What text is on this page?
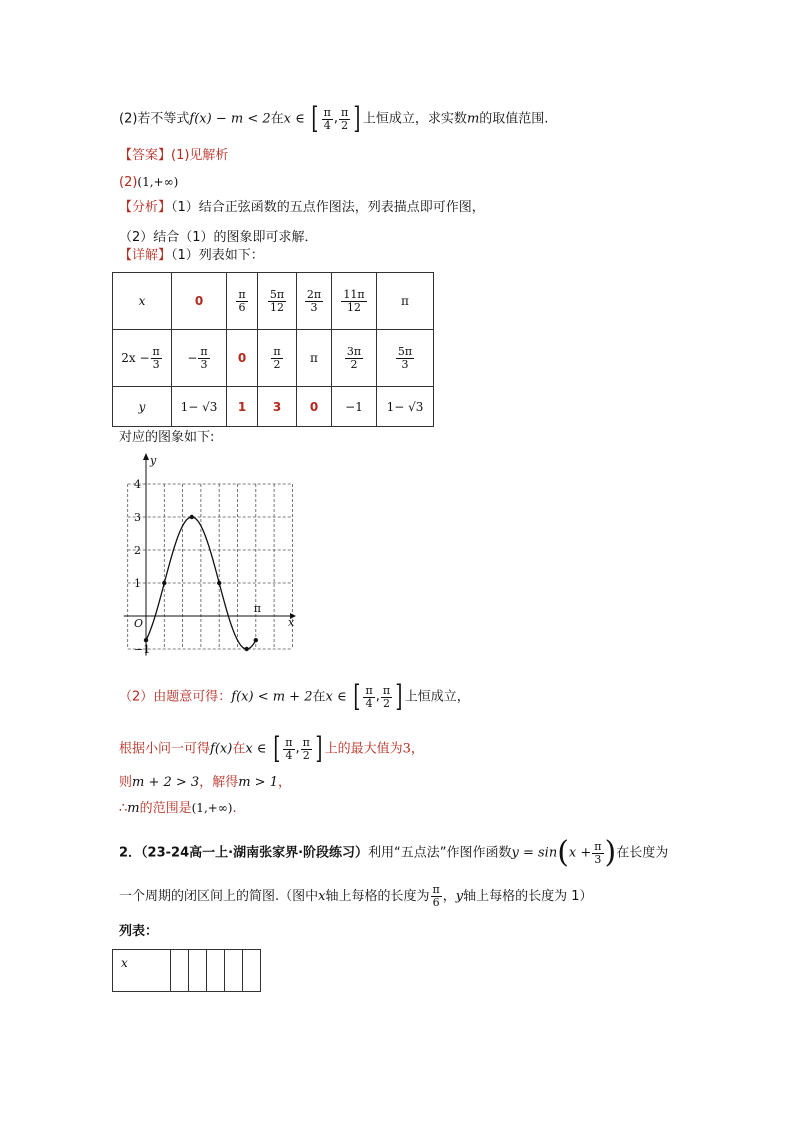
(2)若不等式f(x) − m < 2在x ∈ [ $\frac{\pi}{4}$ , $\frac{\pi}{2}$ ] 上恒成立，求实数m的取值范围.
【答案】(1)见解析
(2)(1,+∞)
【分析】（1）结合正弦函数的五点作图法，列表描点即可作图，
（2）结合（1）的图象即可求解．
【详解】（1）列表如下：
x	0	$\frac{\pi}{6}$	$\frac{5\pi}{12}$	$\frac{2\pi}{3}$	$\frac{11\pi}{12}$	π
$2x - \frac{\pi}{3}$	− $\frac{\pi}{3}$	0	$\frac{\pi}{2}$	π	$\frac{3\pi}{2}$	$\frac{5\pi}{3}$

y	1− √3	1	3	0	−1	1− √3
对应的图象如下:
y
x
O
π
4
3
2
1
−1
（2）由题意可得：f(x) < m + 2在x ∈ [ $\frac{\pi}{4}$ , $\frac{\pi}{2}$ ] 上恒成立，
根据小问一可得f(x)在x ∈ [ $\frac{\pi}{4}$ , $\frac{\pi}{2}$ ] 上的最大值为3，
则m + 2 > 3，解得m > 1，
∴m的范围是(1,+∞).
2．（23-24高一上·湖南张家界·阶段练习）利用“五点法”作图作函数$y = \sin(x + \frac{\pi}{3}$ )在长度为
一个周期的闭区间上的简图.（图中x轴上每格的长度为 $\frac{\pi}{6}$ ，y轴上每格的长度为 1）
列表：
x					
